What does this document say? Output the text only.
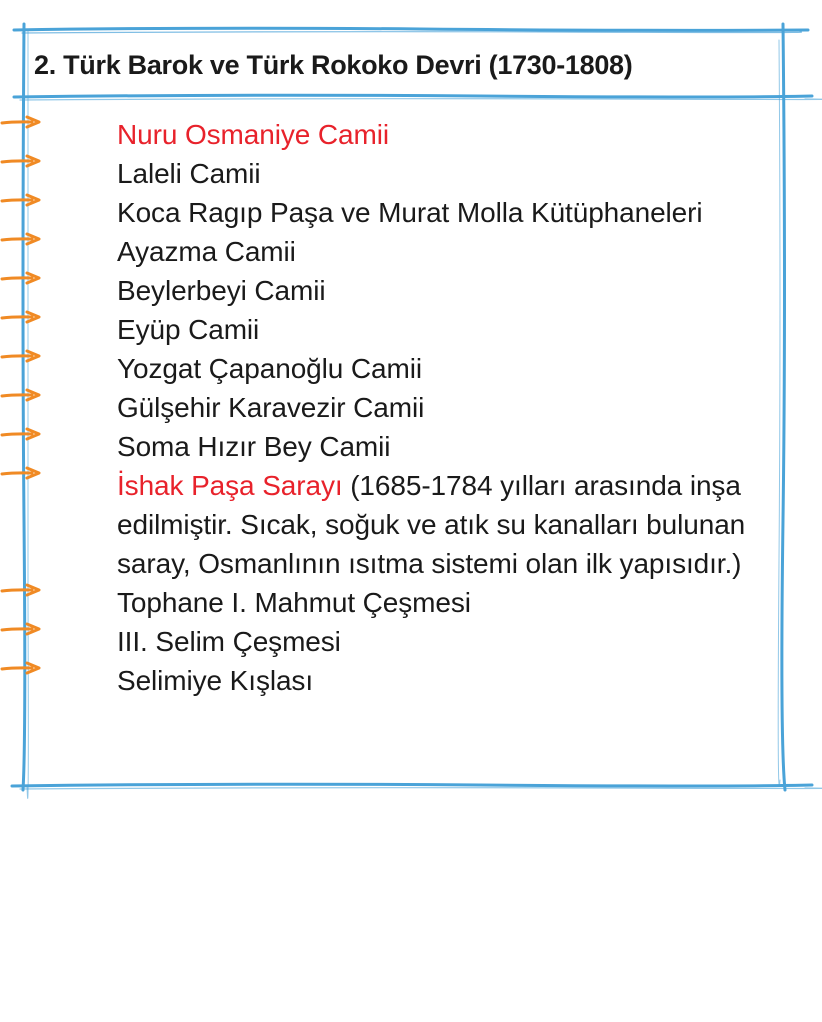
2. Türk Barok ve Türk Rokoko Devri (1730-1808)
Nuru Osmaniye Camii
Laleli Camii
Koca Ragıp Paşa ve Murat Molla Kütüphaneleri
Ayazma Camii
Beylerbeyi Camii
Eyüp Camii
Yozgat Çapanoğlu Camii
Gülşehir Karavezir Camii
Soma Hızır Bey Camii
İshak Paşa Sarayı (1685-1784 yılları arasında inşa edilmiştir. Sıcak, soğuk ve atık su kanalları bulunan saray, Osmanlının ısıtma sistemi olan ilk yapısıdır.)
Tophane I. Mahmut Çeşmesi
III. Selim Çeşmesi
Selimiye Kışlası
